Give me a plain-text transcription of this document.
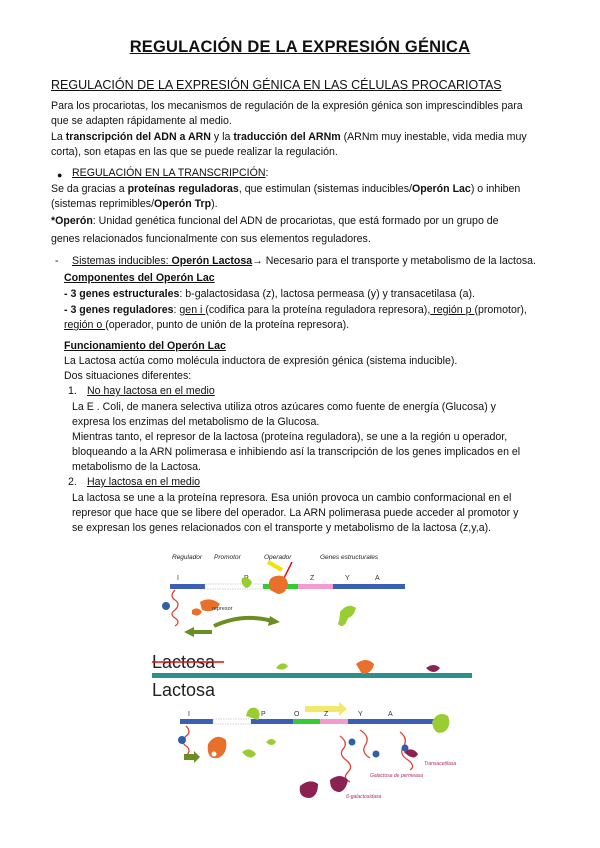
REGULACIÓN DE LA EXPRESIÓN GÉNICA
REGULACIÓN DE LA EXPRESIÓN GÉNICA EN LAS CÉLULAS PROCARIOTAS
Para los procariotas, los mecanismos de regulación de la expresión génica son imprescindibles para
que se adapten rápidamente al medio.
La transcripción del ADN a ARN y la traducción del ARNm (ARNm muy inestable, vida media muy
corta), son etapas en las que se puede realizar la regulación.
● REGULACIÓN EN LA TRANSCRIPCIÓN:
Se da gracias a proteínas reguladoras, que estimulan (sistemas inducibles/Operón Lac) o inhiben
(sistemas reprimibles/Operón Trp).
*Operón: Unidad genética funcional del ADN de procariotas, que está formado por un grupo de
genes relacionados funcionalmente con sus elementos reguladores.
- Sistemas inducibles: Operón Lactosa→ Necesario para el transporte y metabolismo de la lactosa.
Componentes del Operón Lac
- 3 genes estructurales: b-galactosidasa (z), lactosa permeasa (y) y transacetilasa (a).
- 3 genes reguladores: gen i (codifica para la proteína reguladora represora), región p (promotor),
región o (operador, punto de unión de la proteína represora).
Funcionamiento del Operón Lac
La Lactosa actúa como molécula inductora de expresión génica (sistema inducible).
Dos situaciones diferentes:
1. No hay lactosa en el medio
La E . Coli, de manera selectiva utiliza otros azúcares como fuente de energía (Glucosa) y
expresa los enzimas del metabolismo de la Glucosa.
Mientras tanto, el represor de la lactosa (proteína reguladora), se une a la región u operador,
bloqueando a la ARN polimerasa e inhibiendo así la transcripción de los genes implicados en el
metabolismo de la Lactosa.
2. Hay lactosa en el medio
La lactosa se une a la proteína represora. Esa unión provoca un cambio conformacional en el
represor que hace que se libere del operador. La ARN polimerasa puede acceder al promotor y
se expresan los genes relacionados con el transporte y metabolismo de la lactosa (z,y,a).
Regulador Promotor	Operador	Genes estructurales
I	Z	Y	A
represor
Lactosa
Lactosa
I	P	O	Z	Y	A
Transacetilasa
Galactosa de permeasa
ß-galactosidasa
